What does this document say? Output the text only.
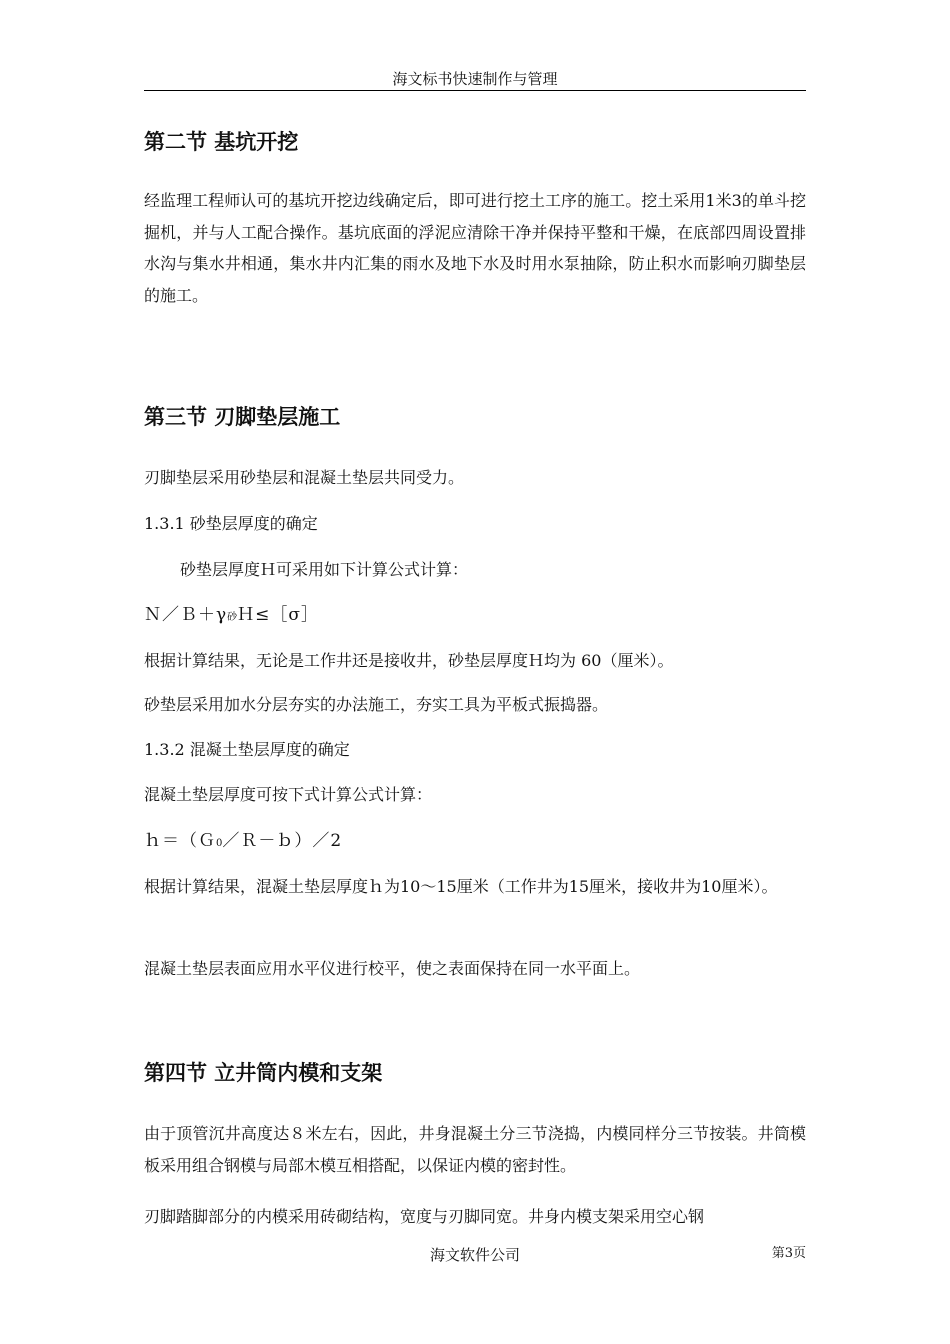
海文标书快速制作与管理
第二节 基坑开挖
经监理工程师认可的基坑开挖边线确定后，即可进行挖土工序的施工。挖土采用1米3的单斗挖掘机，并与人工配合操作。基坑底面的浮泥应清除干净并保持平整和干燥，在底部四周设置排水沟与集水井相通，集水井内汇集的雨水及地下水及时用水泵抽除，防止积水而影响刃脚垫层的施工。
第三节 刃脚垫层施工
刃脚垫层采用砂垫层和混凝土垫层共同受力。
1.3.1 砂垫层厚度的确定
砂垫层厚度Ｈ可采用如下计算公式计算：
Ｎ／Ｂ＋γ砂Ｈ≤［σ］
根据计算结果，无论是工作井还是接收井，砂垫层厚度Ｈ均为 60（厘米）。
砂垫层采用加水分层夯实的办法施工，夯实工具为平板式振捣器。
1.3.2 混凝土垫层厚度的确定
混凝土垫层厚度可按下式计算公式计算：
ｈ＝（Ｇ0／Ｒ－ｂ）／2
根据计算结果，混凝土垫层厚度ｈ为10～15厘米（工作井为15厘米，接收井为10厘米）。
混凝土垫层表面应用水平仪进行校平，使之表面保持在同一水平面上。
第四节 立井筒内模和支架
由于顶管沉井高度达８米左右，因此，井身混凝土分三节浇捣，内模同样分三节按装。井筒模板采用组合钢模与局部木模互相搭配，以保证内模的密封性。
刃脚踏脚部分的内模采用砖砌结构，宽度与刃脚同宽。井身内模支架采用空心钢
海文软件公司	第3页
